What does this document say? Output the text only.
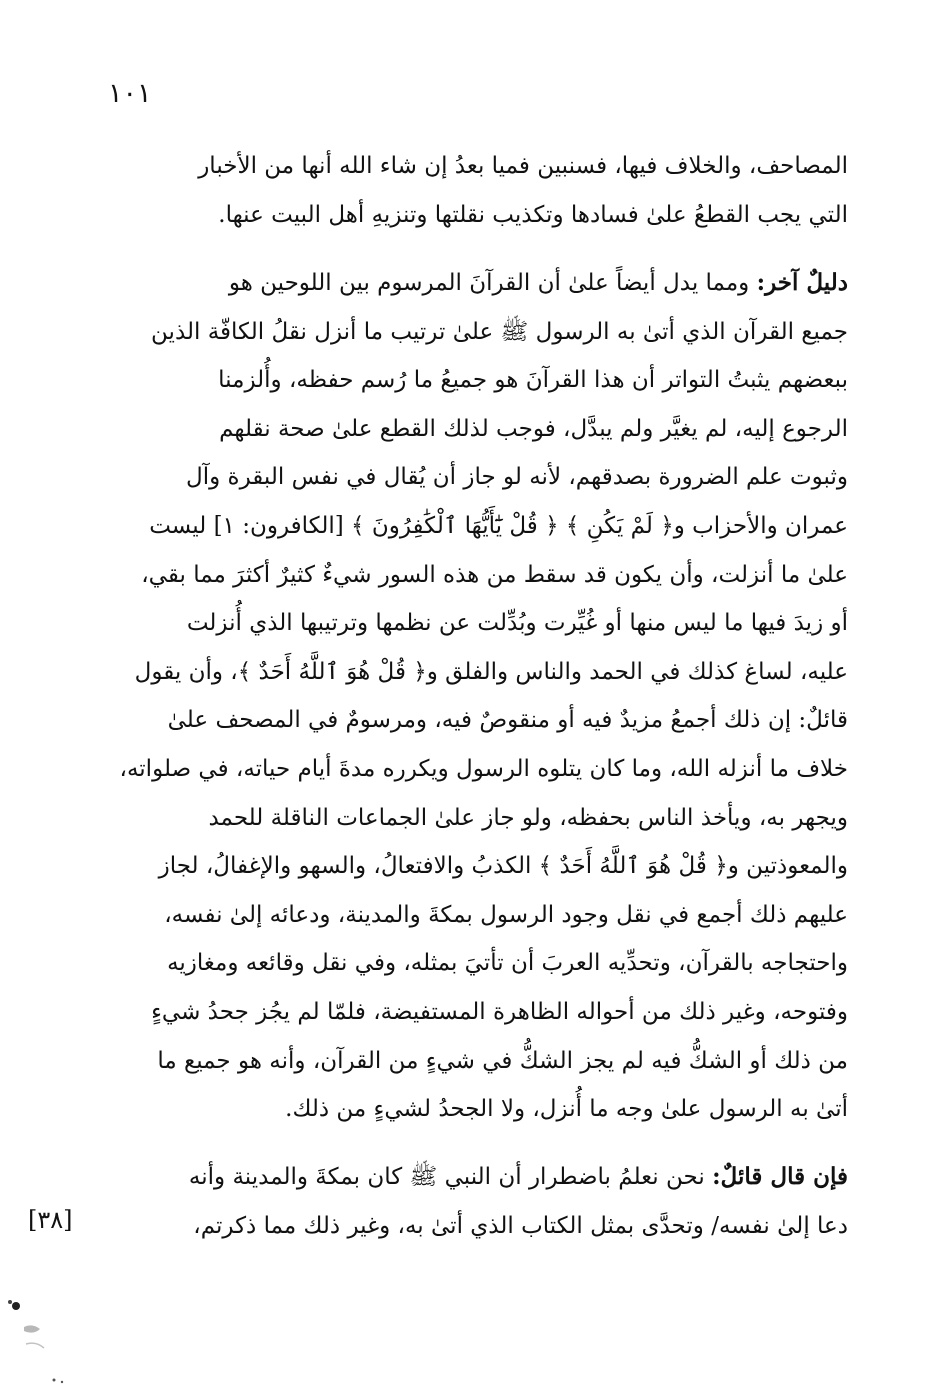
١٠١
المصاحف، والخلاف فيها، فسنبين فميا بعدُ إن شاء الله أنها من الأخبار
التي يجب القطعُ علىٰ فسادها وتكذيب نقلتها وتنزيهِ أهل البيت عنها.
دليلٌ آخر: ومما يدل أيضاً علىٰ أن القرآنَ المرسوم بين اللوحين هو
جميع القرآن الذي أتىٰ به الرسول ﷺ علىٰ ترتيب ما أنزل نقلُ الكافّة الذين
ببعضهم يثبتُ التواتر أن هذا القرآنَ هو جميعُ ما رُسم حفظه، وأُلزمنا
الرجوع إليه، لم يغيَّر ولم يبدَّل، فوجب لذلك القطع علىٰ صحة نقلهم
وثبوت علم الضرورة بصدقهم، لأنه لو جاز أن يُقال في نفس البقرة وآل
عمران والأحزاب و﴿ لَمْ يَكُنِ ﴾ ﴿ قُلْ يَٰٓأَيُّهَا ٱلْكَٰفِرُونَ ﴾ [الكافرون: ١] ليست
علىٰ ما أنزلت، وأن يكون قد سقط من هذه السور شيءٌ كثيرٌ أكثرَ مما بقي،
أو زيدَ فيها ما ليس منها أو غُيِّرت وبُدِّلت عن نظمها وترتيبها الذي أُنزلت
عليه، لساغ كذلك في الحمد والناس والفلق و﴿ قُلْ هُوَ ٱللَّهُ أَحَدٌ ﴾، وأن يقول
قائلٌ: إن ذلك أجمعُ مزيدٌ فيه أو منقوصٌ فيه، ومرسومٌ في المصحف علىٰ
خلاف ما أنزله الله، وما كان يتلوه الرسول ويكرره مدةَ أيام حياته، في صلواته،
ويجهر به، ويأخذ الناس بحفظه، ولو جاز علىٰ الجماعات الناقلة للحمد
والمعوذتين و﴿ قُلْ هُوَ ٱللَّهُ أَحَدٌ ﴾ الكذبُ والافتعالُ، والسهو والإغفالُ، لجاز
عليهم ذلك أجمع في نقل وجود الرسول بمكةَ والمدينة، ودعائه إلىٰ نفسه،
واحتجاجه بالقرآن، وتحدِّيه العربَ أن تأتيَ بمثله، وفي نقل وقائعه ومغازيه
وفتوحه، وغير ذلك من أحواله الظاهرة المستفيضة، فلمّا لم يجُز جحدُ شيءٍ
من ذلك أو الشكُّ فيه لم يجز الشكُّ في شيءٍ من القرآن، وأنه هو جميع ما
أتىٰ به الرسول علىٰ وجه ما أُنزل، ولا الجحدُ لشيءٍ من ذلك.
فإن قال قائلٌ: نحن نعلمُ باضطرار أن النبي ﷺ كان بمكةَ والمدينة وأنه
دعا إلىٰ نفسه/ وتحدَّى بمثل الكتاب الذي أتىٰ به، وغير ذلك مما ذكرتم،
[٣٨]
